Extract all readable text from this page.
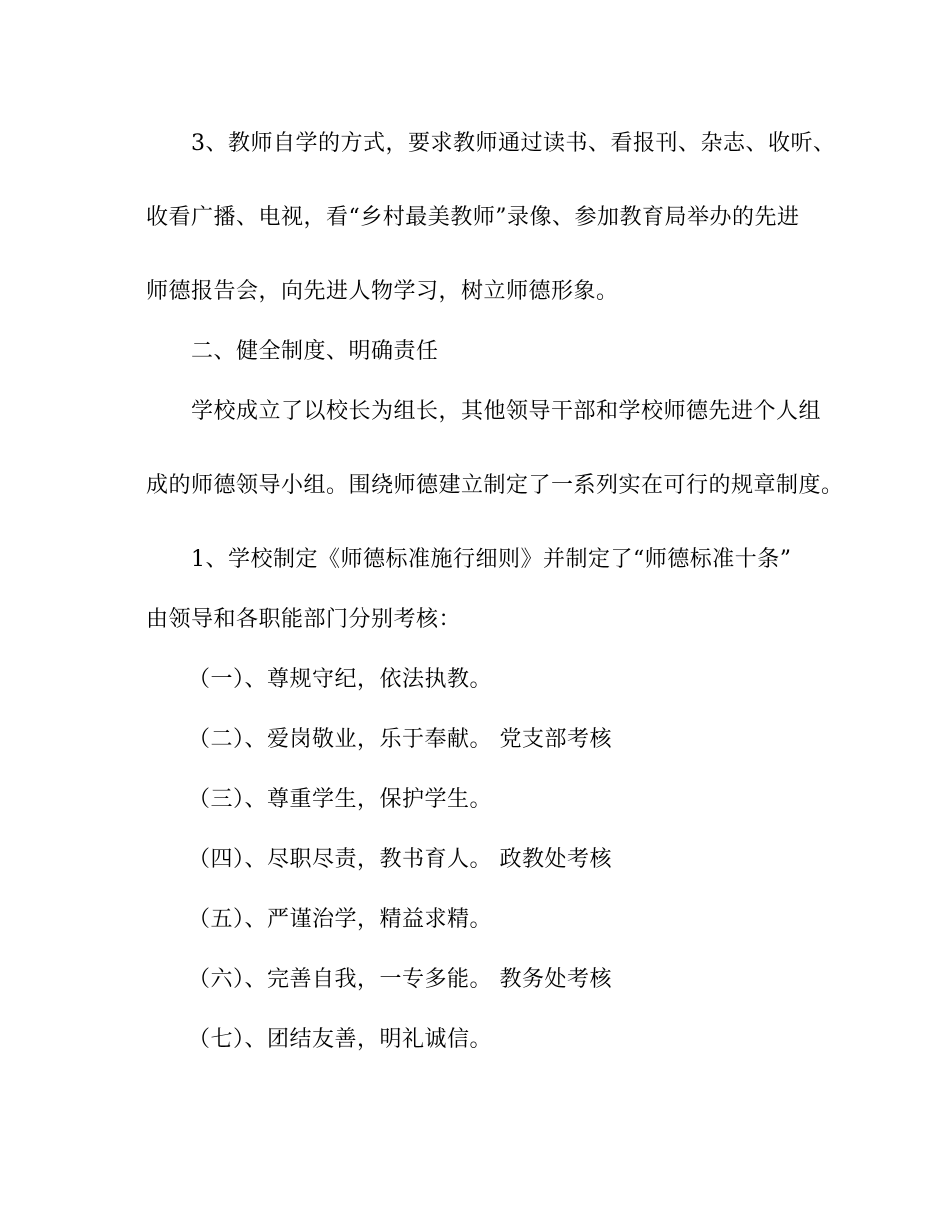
3、教师自学的方式，要求教师通过读书、看报刊、杂志、收听、
收看广播、电视，看“乡村最美教师”录像、参加教育局举办的先进
师德报告会，向先进人物学习，树立师德形象。
二、健全制度、明确责任
学校成立了以校长为组长，其他领导干部和学校师德先进个人组
成的师德领导小组。围绕师德建立制定了一系列实在可行的规章制度。
1、学校制定《师德标准施行细则》并制定了“师德标准十条”
由领导和各职能部门分别考核：
（一）、尊规守纪，依法执教。
（二）、爱岗敬业，乐于奉献。 党支部考核
（三）、尊重学生，保护学生。
（四）、尽职尽责，教书育人。 政教处考核
（五）、严谨治学，精益求精。
（六）、完善自我，一专多能。 教务处考核
（七）、团结友善，明礼诚信。
